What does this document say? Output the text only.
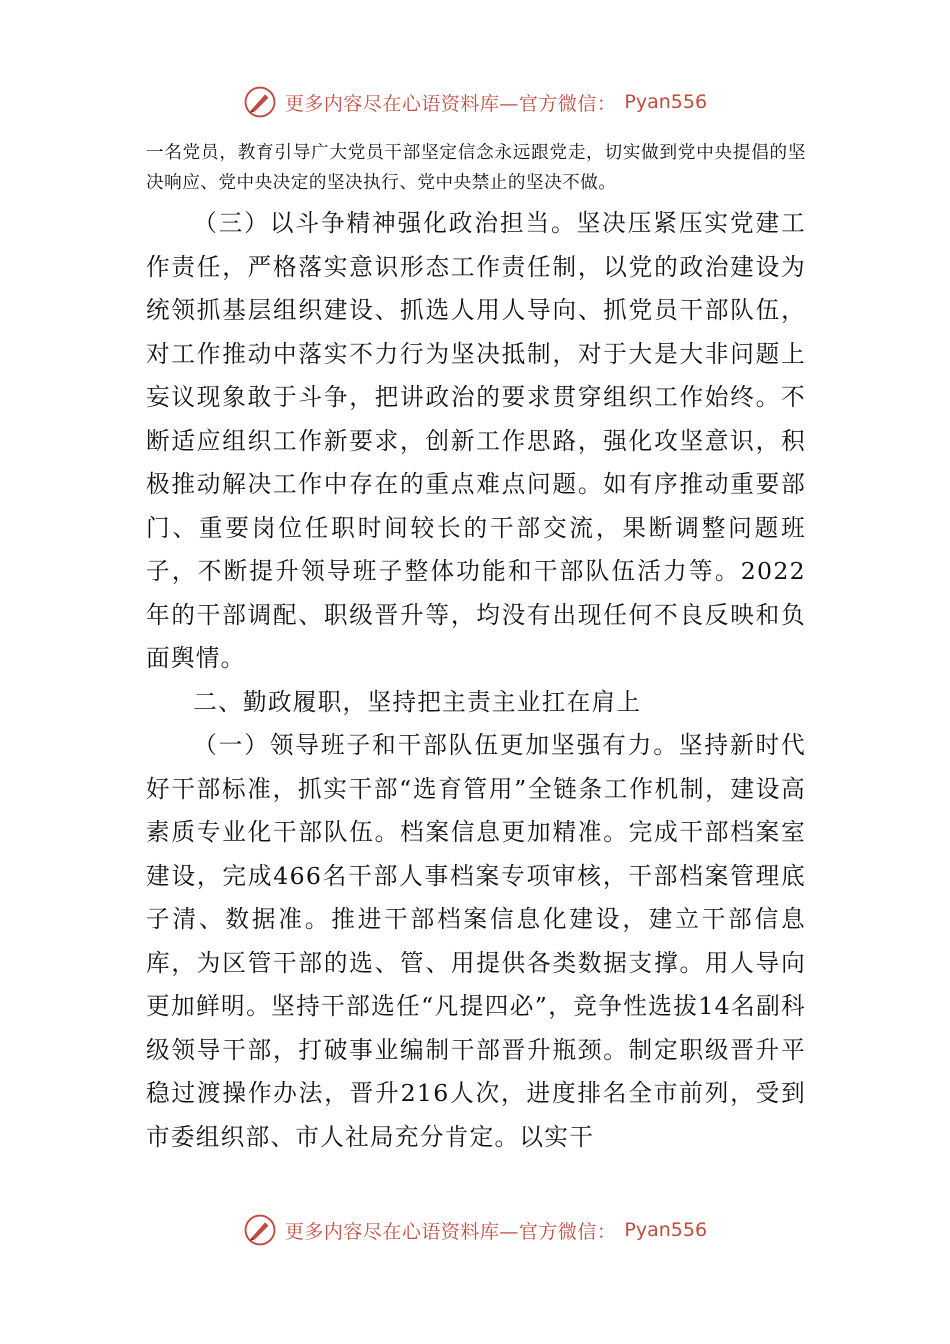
更多内容尽在心语资料库—官方微信： Pyan556

一名党员，教育引导广大党员干部坚定信念永远跟党走，切实做到党中央提倡的坚决响应、党中央决定的坚决执行、党中央禁止的坚决不做。

（三）以斗争精神强化政治担当。坚决压紧压实党建工作责任，严格落实意识形态工作责任制，以党的政治建设为统领抓基层组织建设、抓选人用人导向、抓党员干部队伍，对工作推动中落实不力行为坚决抵制，对于大是大非问题上妄议现象敢于斗争，把讲政治的要求贯穿组织工作始终。不断适应组织工作新要求，创新工作思路，强化攻坚意识，积极推动解决工作中存在的重点难点问题。如有序推动重要部门、重要岗位任职时间较长的干部交流，果断调整问题班子，不断提升领导班子整体功能和干部队伍活力等。2022年的干部调配、职级晋升等，均没有出现任何不良反映和负面舆情。

二、勤政履职，坚持把主责主业扛在肩上

（一）领导班子和干部队伍更加坚强有力。坚持新时代好干部标准，抓实干部“选育管用”全链条工作机制，建设高素质专业化干部队伍。档案信息更加精准。完成干部档案室建设，完成466名干部人事档案专项审核，干部档案管理底子清、数据准。推进干部档案信息化建设，建立干部信息库，为区管干部的选、管、用提供各类数据支撑。用人导向更加鲜明。坚持干部选任“凡提四必”，竞争性选拔14名副科级领导干部，打破事业编制干部晋升瓶颈。制定职级晋升平稳过渡操作办法，晋升216人次，进度排名全市前列，受到市委组织部、市人社局充分肯定。以实干

更多内容尽在心语资料库—官方微信： Pyan556
